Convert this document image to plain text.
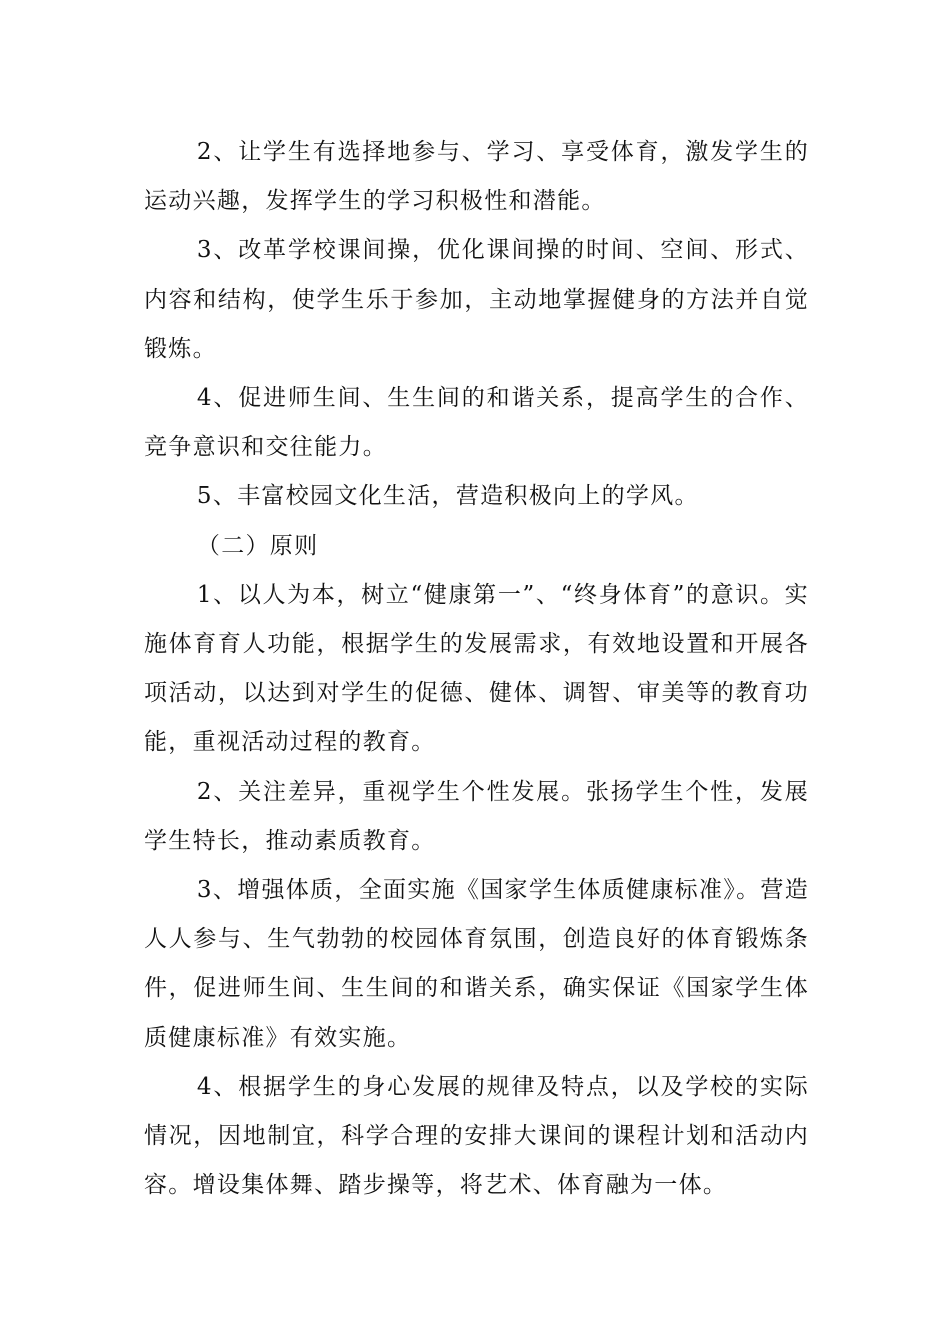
2、让学生有选择地参与、学习、享受体育，激发学生的运动兴趣，发挥学生的学习积极性和潜能。

3、改革学校课间操，优化课间操的时间、空间、形式、内容和结构，使学生乐于参加，主动地掌握健身的方法并自觉锻炼。

4、促进师生间、生生间的和谐关系，提高学生的合作、竞争意识和交往能力。

5、丰富校园文化生活，营造积极向上的学风。

（二）原则

1、以人为本，树立“健康第一”、“终身体育”的意识。实施体育育人功能，根据学生的发展需求，有效地设置和开展各项活动，以达到对学生的促德、健体、调智、审美等的教育功能，重视活动过程的教育。

2、关注差异，重视学生个性发展。张扬学生个性，发展学生特长，推动素质教育。

3、增强体质，全面实施《国家学生体质健康标准》。营造人人参与、生气勃勃的校园体育氛围，创造良好的体育锻炼条件，促进师生间、生生间的和谐关系，确实保证《国家学生体质健康标准》有效实施。

4、根据学生的身心发展的规律及特点，以及学校的实际情况，因地制宜，科学合理的安排大课间的课程计划和活动内容。增设集体舞、踏步操等，将艺术、体育融为一体。
